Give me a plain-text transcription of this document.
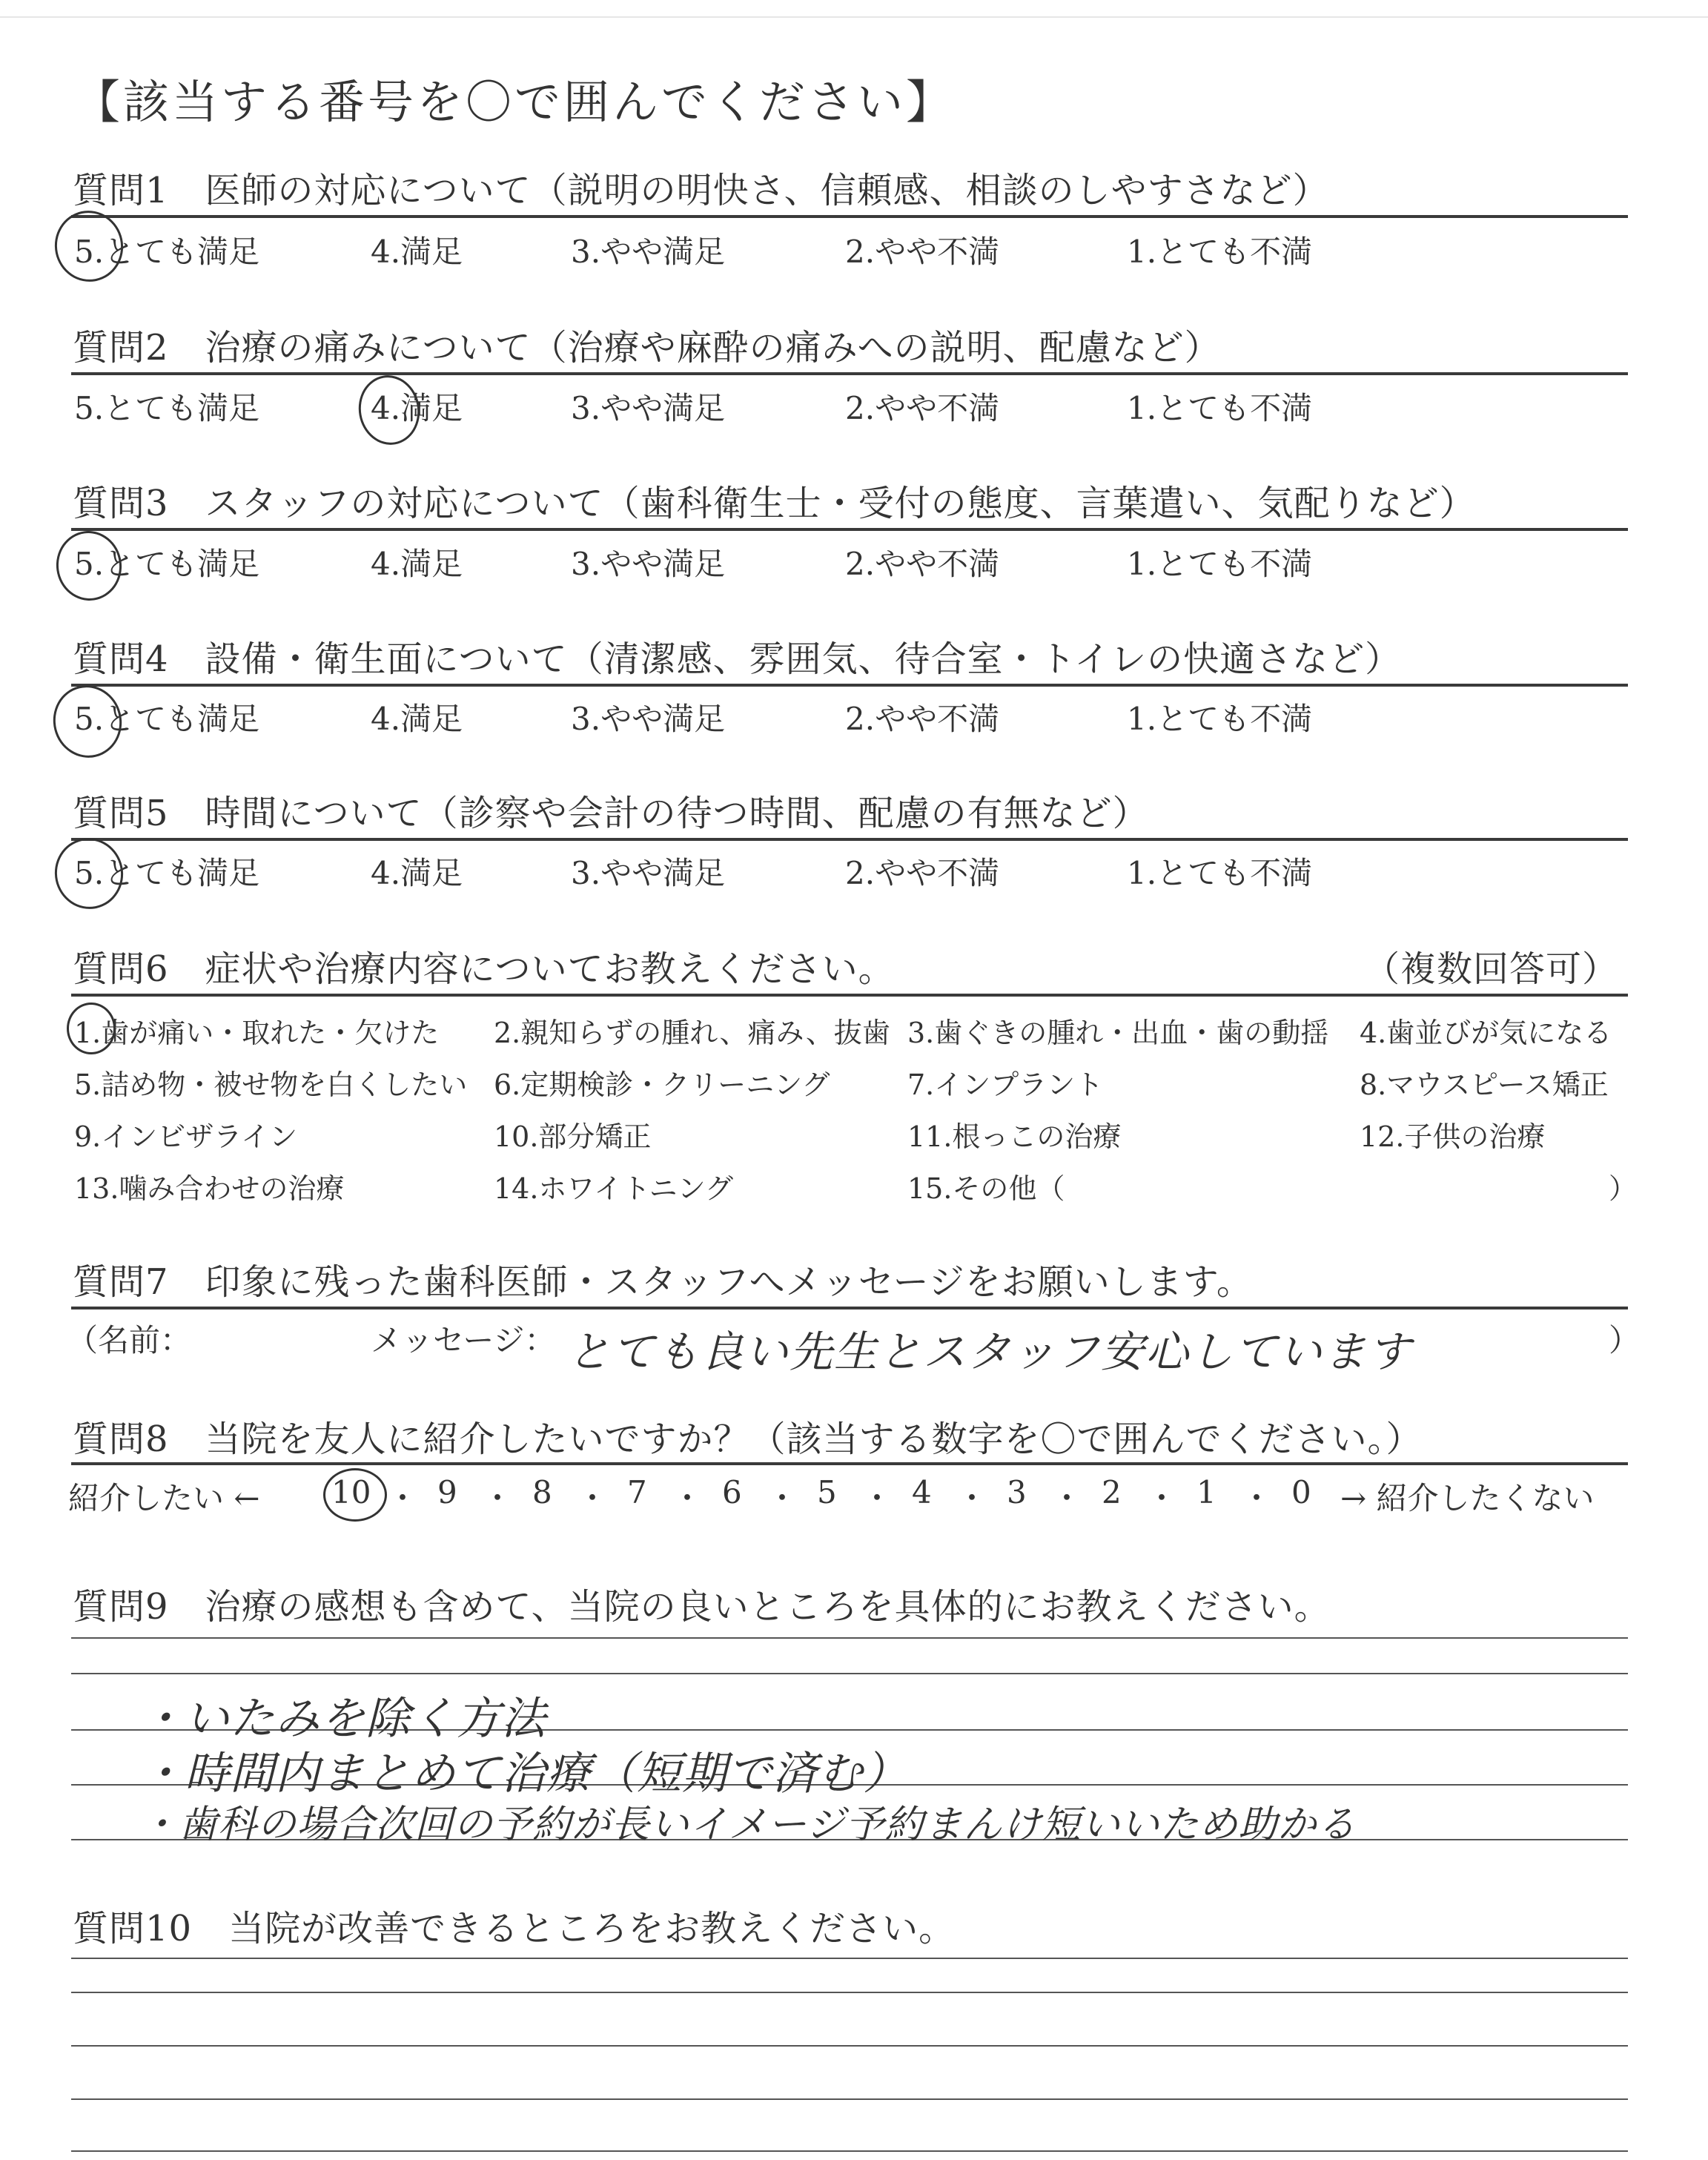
【該当する番号を〇で囲んでください】
質問1　医師の対応について（説明の明快さ、信頼感、相談のしやすさなど）
5.とても満足	4.満足	3.やや満足	2.やや不満	1.とても不満
質問2　治療の痛みについて（治療や麻酔の痛みへの説明、配慮など）
5.とても満足	4.満足	3.やや満足	2.やや不満	1.とても不満
質問3　スタッフの対応について（歯科衛生士・受付の態度、言葉遣い、気配りなど）
5.とても満足	4.満足	3.やや満足	2.やや不満	1.とても不満
質問4　設備・衛生面について（清潔感、雰囲気、待合室・トイレの快適さなど）
5.とても満足	4.満足	3.やや満足	2.やや不満	1.とても不満
質問5　時間について（診察や会計の待つ時間、配慮の有無など）
5.とても満足	4.満足	3.やや満足	2.やや不満	1.とても不満
質問6　症状や治療内容についてお教えください。	（複数回答可）
1.歯が痛い・取れた・欠けた 2.親知らずの腫れ、痛み、抜歯 3.歯ぐきの腫れ・出血・歯の動揺 4.歯並びが気になる
5.詰め物・被せ物を白くしたい 6.定期検診・クリーニング	7.インプラント	8.マウスピース矯正
9.インビザライン	10.部分矯正	11.根っこの治療	12.子供の治療
13.噛み合わせの治療	14.ホワイトニング	15.その他（	）
質問7　印象に残った歯科医師・スタッフへメッセージをお願いします。
（名前：	メッセージ： とても良い先生とスタッフ安心しています	）
質問8　当院を友人に紹介したいですか？（該当する数字を〇で囲んでください。）
紹介したい ←	→ 紹介したくない
10 ・ 9 ・ 8 ・ 7 ・ 6 ・ 5 ・ 4 ・ 3 ・ 2 ・ 1 ・ 0
質問9　治療の感想も含めて、当院の良いところを具体的にお教えください。
・いたみを除く方法
・時間内まとめて治療（短期で済む）
・歯科の場合次回の予約が長いイメージ予約まんけ短いいため助かる
質問10　当院が改善できるところをお教えください。
